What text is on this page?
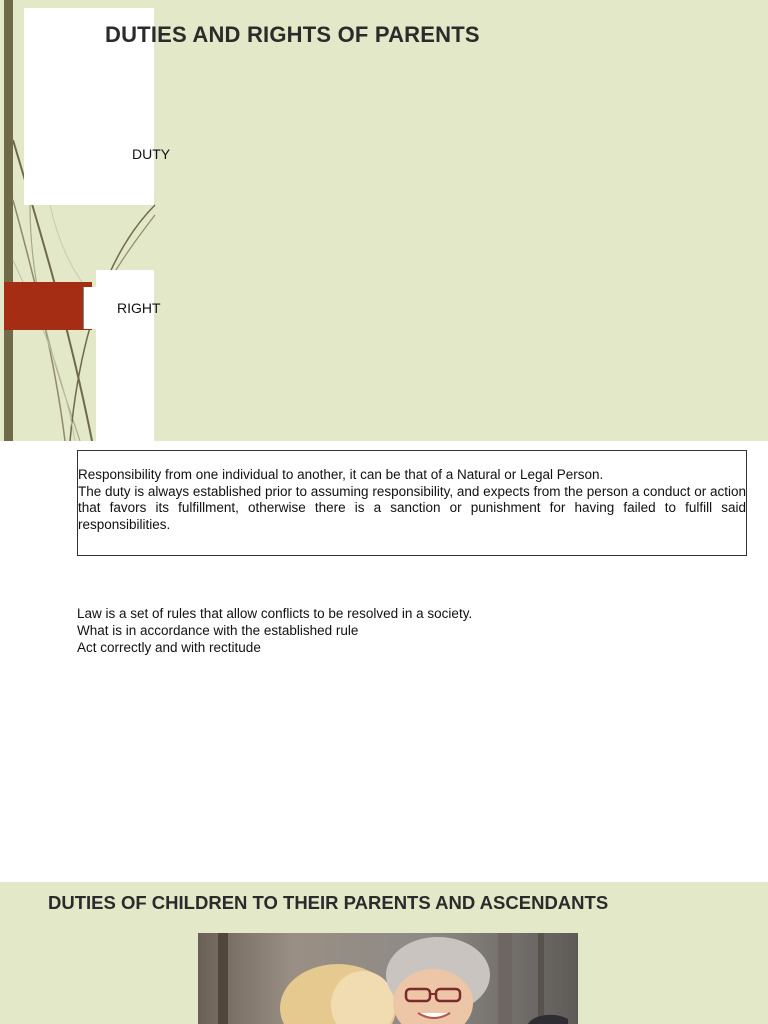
DUTIES AND RIGHTS OF PARENTS
DUTY
RIGHT

Responsibility from one individual to another, it can be that of a Natural or Legal Person.

The duty is always established prior to assuming responsibility, and expects from the person a conduct or action that favors its fulfillment, otherwise there is a sanction or punishment for having failed to fulfill said responsibilities.

Law is a set of rules that allow conflicts to be resolved in a society.
What is in accordance with the established rule
Act correctly and with rectitude
DUTIES OF CHILDREN TO THEIR PARENTS AND ASCENDANTS
